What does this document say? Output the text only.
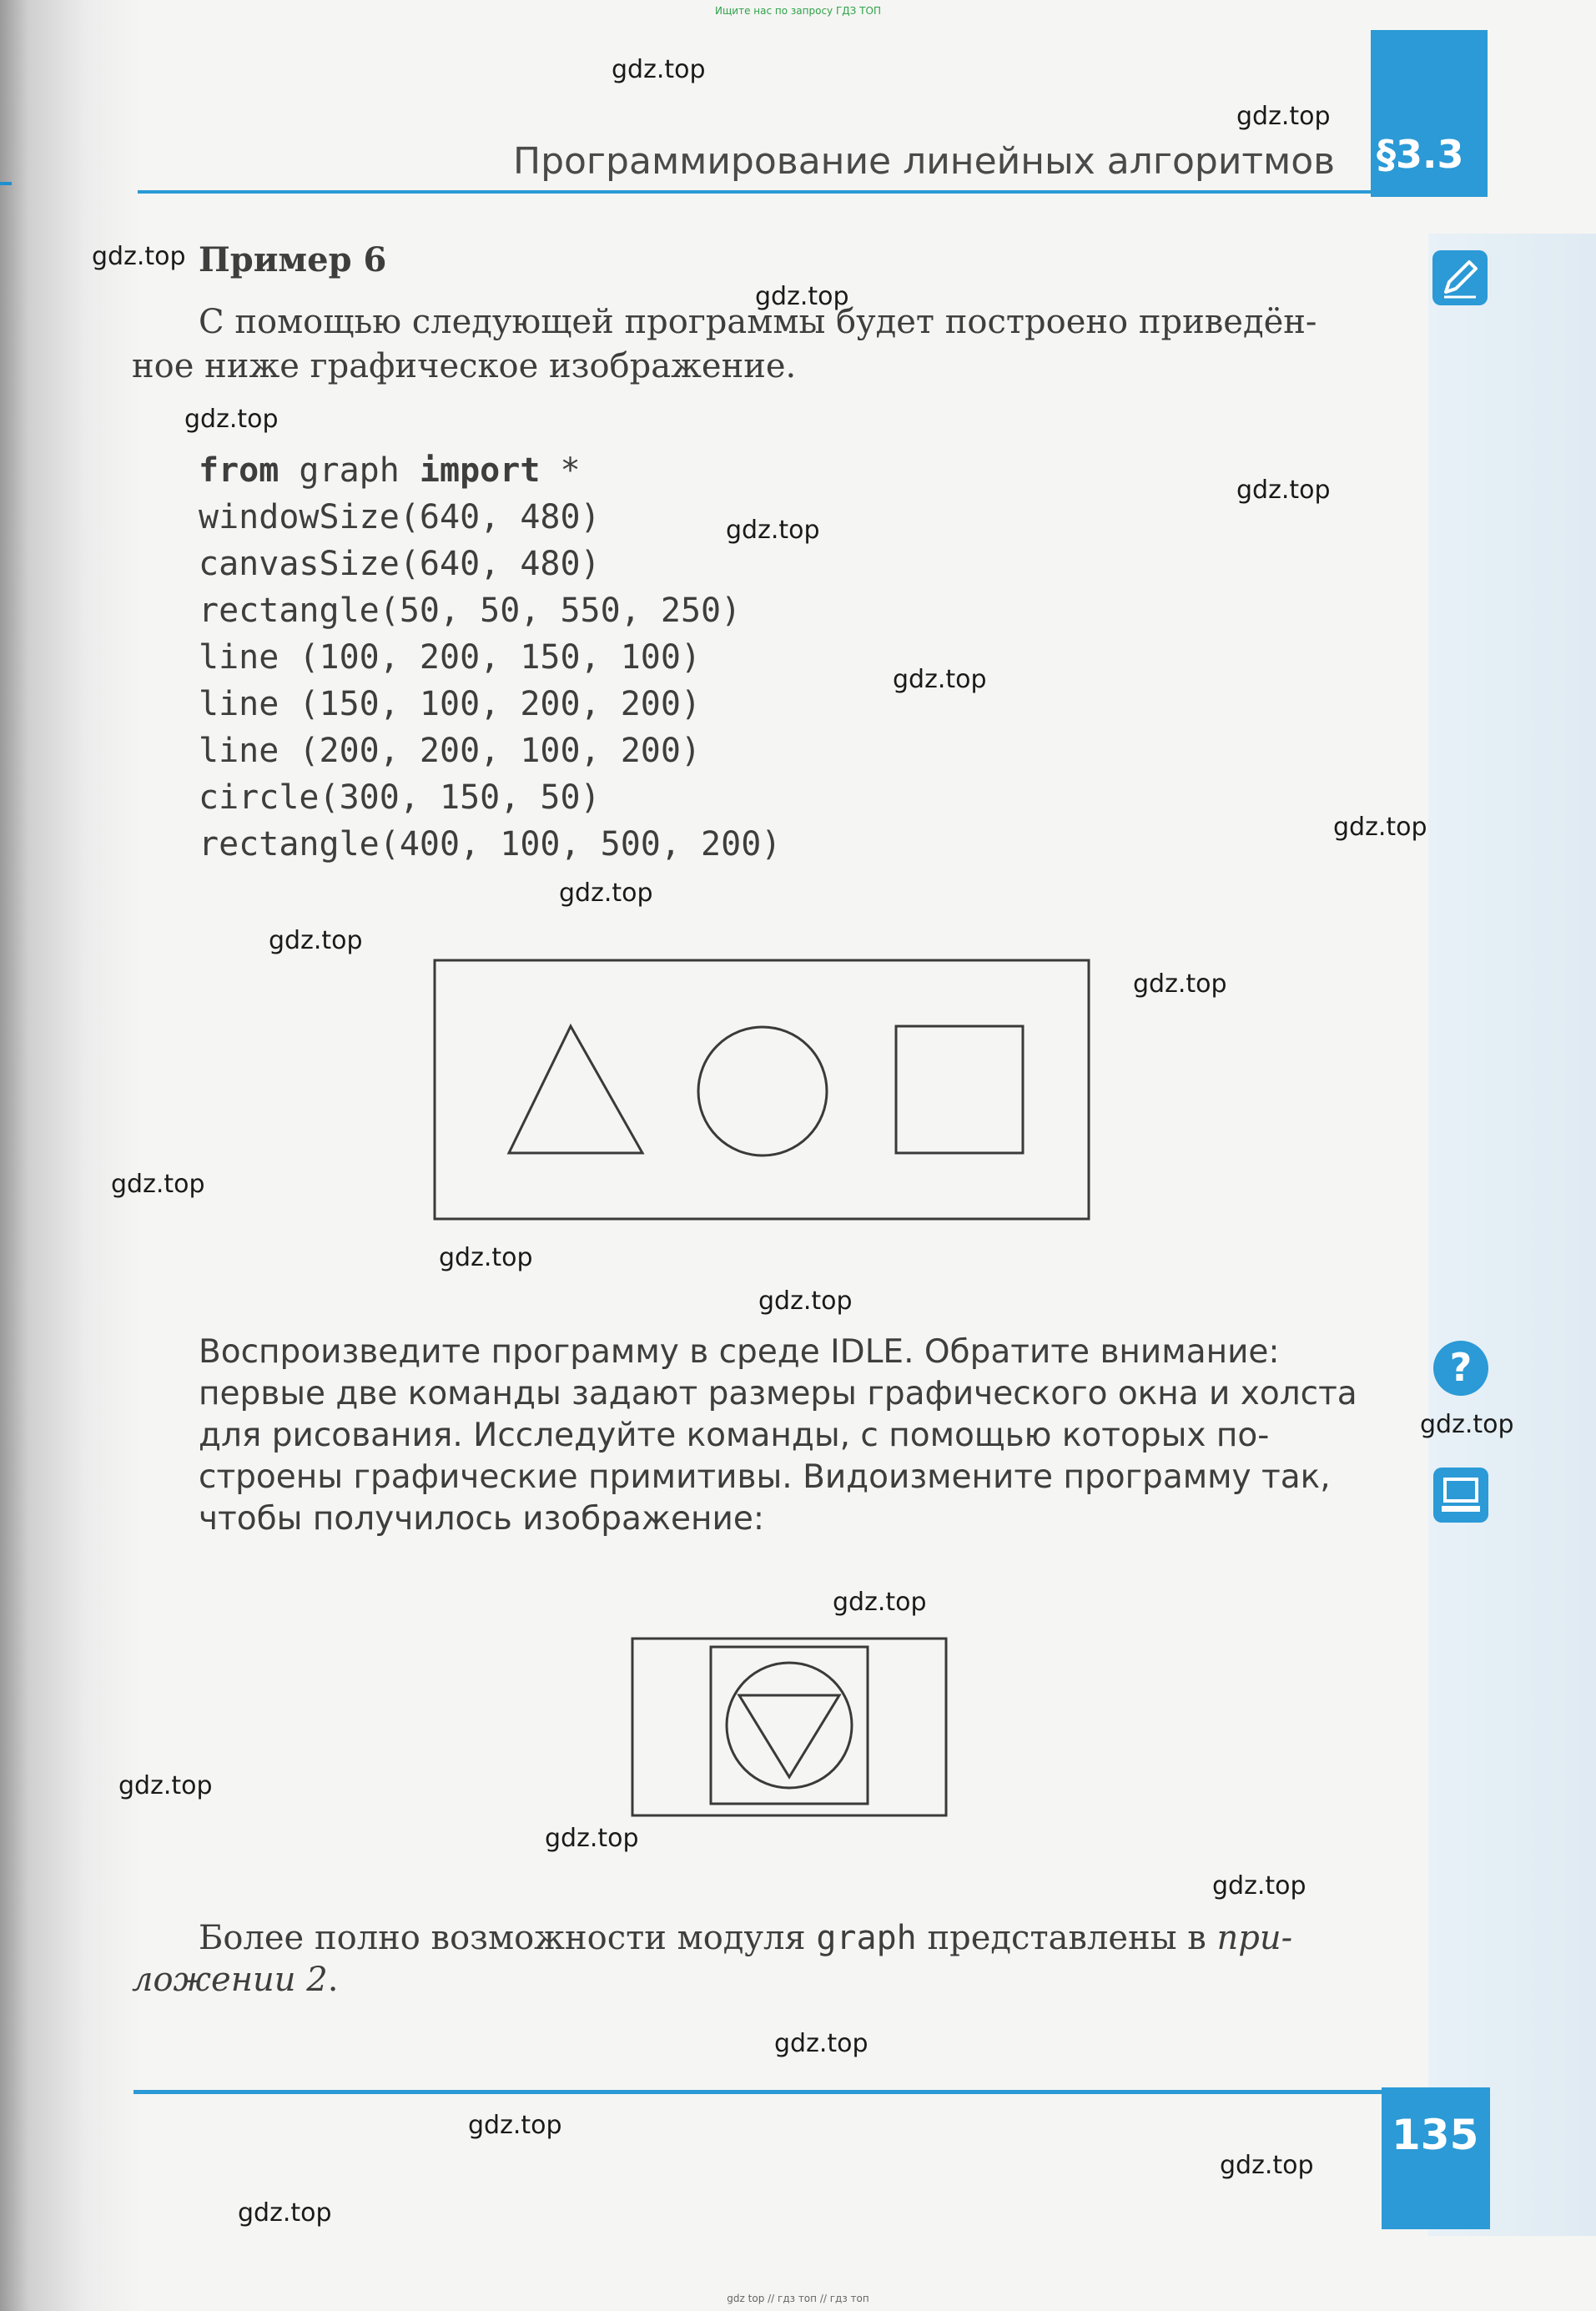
Ищите нас по запросу ГДЗ ТОП
§3.3
Программирование линейных алгоритмов
?
Пример 6
С помощью следующей программы будет построено приведён-
ное ниже графическое изображение.
from graph import *
windowSize(640, 480)
canvasSize(640, 480)
rectangle(50, 50, 550, 250)
line (100, 200, 150, 100)
line (150, 100, 200, 200)
line (200, 200, 100, 200)
circle(300, 150, 50)
rectangle(400, 100, 500, 200)
Воспроизведите программу в среде IDLE. Обратите внимание:
первые две команды задают размеры графического окна и холста
для рисования. Исследуйте команды, с помощью которых по-
строены графические примитивы. Видоизмените программу так,
чтобы получилось изображение:
Более полно возможности модуля graph представлены в при-
ложении 2.
135
gdz.top
gdz.top
gdz.top
gdz.top
gdz.top
gdz.top
gdz.top
gdz.top
gdz.top
gdz.top
gdz.top
gdz.top
gdz.top
gdz.top
gdz.top
gdz.top
gdz.top
gdz.top
gdz.top
gdz.top
gdz.top
gdz.top
gdz.top
gdz.top
gdz top // гдз топ // гдз топ
